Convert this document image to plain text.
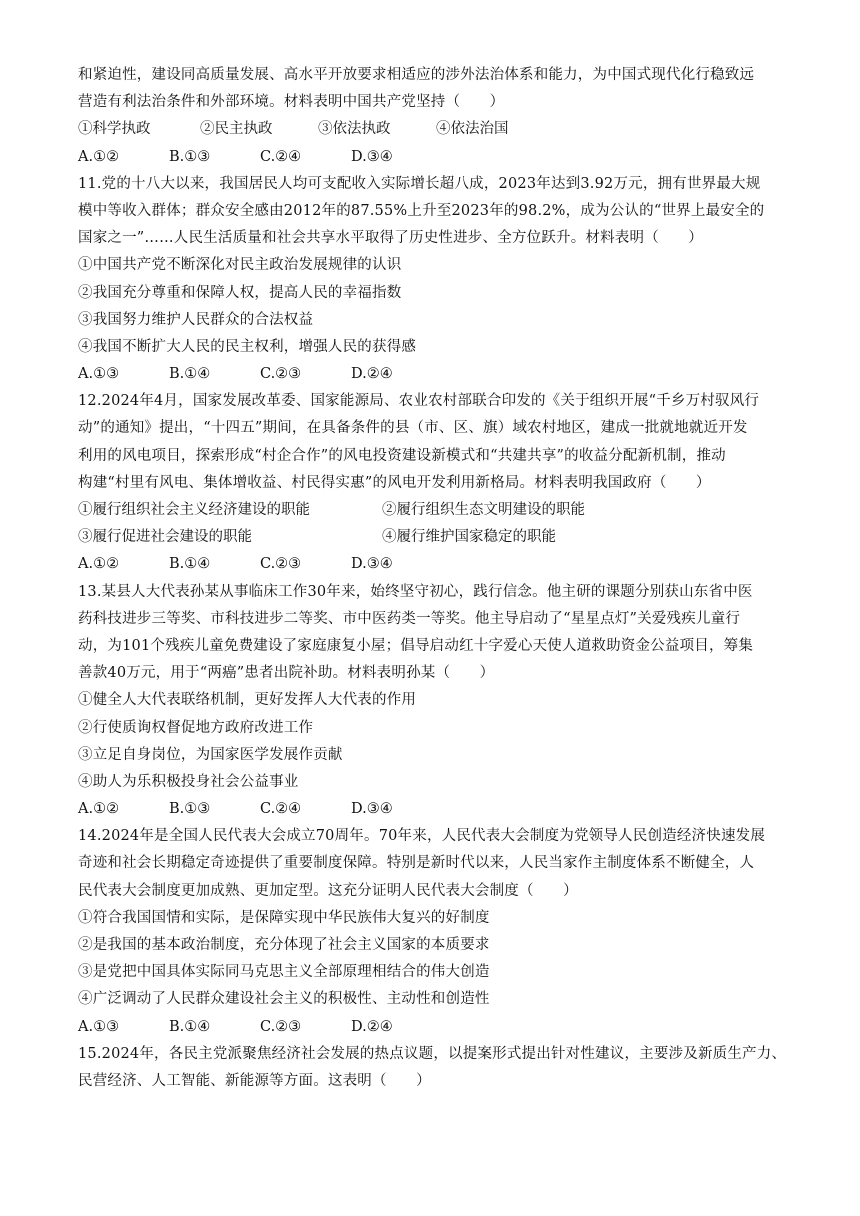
和紧迫性，建设同高质量发展、高水平开放要求相适应的涉外法治体系和能力，为中国式现代化行稳致远
营造有利法治条件和外部环境。材料表明中国共产党坚持（　　）
①科学执政	②民主执政	③依法执政	④依法治国
A.①②	B.①③	C.②④	D.③④
11.党的十八大以来，我国居民人均可支配收入实际增长超八成，2023年达到3.92万元，拥有世界最大规
模中等收入群体；群众安全感由2012年的87.55%上升至2023年的98.2%，成为公认的“世界上最安全的
国家之一”……人民生活质量和社会共享水平取得了历史性进步、全方位跃升。材料表明（　　）
①中国共产党不断深化对民主政治发展规律的认识
②我国充分尊重和保障人权，提高人民的幸福指数
③我国努力维护人民群众的合法权益
④我国不断扩大人民的民主权利，增强人民的获得感
A.①③	B.①④	C.②③	D.②④
12.2024年4月，国家发展改革委、国家能源局、农业农村部联合印发的《关于组织开展“千乡万村驭风行
动”的通知》提出，“十四五”期间，在具备条件的县（市、区、旗）域农村地区，建成一批就地就近开发
利用的风电项目，探索形成“村企合作”的风电投资建设新模式和“共建共享”的收益分配新机制，推动
构建“村里有风电、集体增收益、村民得实惠”的风电开发利用新格局。材料表明我国政府（　　）
①履行组织社会主义经济建设的职能	②履行组织生态文明建设的职能
③履行促进社会建设的职能	④履行维护国家稳定的职能
A.①②	B.①④	C.②③	D.③④
13.某县人大代表孙某从事临床工作30年来，始终坚守初心，践行信念。他主研的课题分别获山东省中医
药科技进步三等奖、市科技进步二等奖、市中医药类一等奖。他主导启动了“星星点灯”关爱残疾儿童行
动，为101个残疾儿童免费建设了家庭康复小屋；倡导启动红十字爱心天使人道救助资金公益项目，筹集
善款40万元，用于“两癌”患者出院补助。材料表明孙某（　　）
①健全人大代表联络机制，更好发挥人大代表的作用
②行使质询权督促地方政府改进工作
③立足自身岗位，为国家医学发展作贡献
④助人为乐积极投身社会公益事业
A.①②	B.①③	C.②④	D.③④
14.2024年是全国人民代表大会成立70周年。70年来，人民代表大会制度为党领导人民创造经济快速发展
奇迹和社会长期稳定奇迹提供了重要制度保障。特别是新时代以来，人民当家作主制度体系不断健全，人
民代表大会制度更加成熟、更加定型。这充分证明人民代表大会制度（　　）
①符合我国国情和实际，是保障实现中华民族伟大复兴的好制度
②是我国的基本政治制度，充分体现了社会主义国家的本质要求
③是党把中国具体实际同马克思主义全部原理相结合的伟大创造
④广泛调动了人民群众建设社会主义的积极性、主动性和创造性
A.①③	B.①④	C.②③	D.②④
15.2024年，各民主党派聚焦经济社会发展的热点议题，以提案形式提出针对性建议，主要涉及新质生产力、
民营经济、人工智能、新能源等方面。这表明（　　）
